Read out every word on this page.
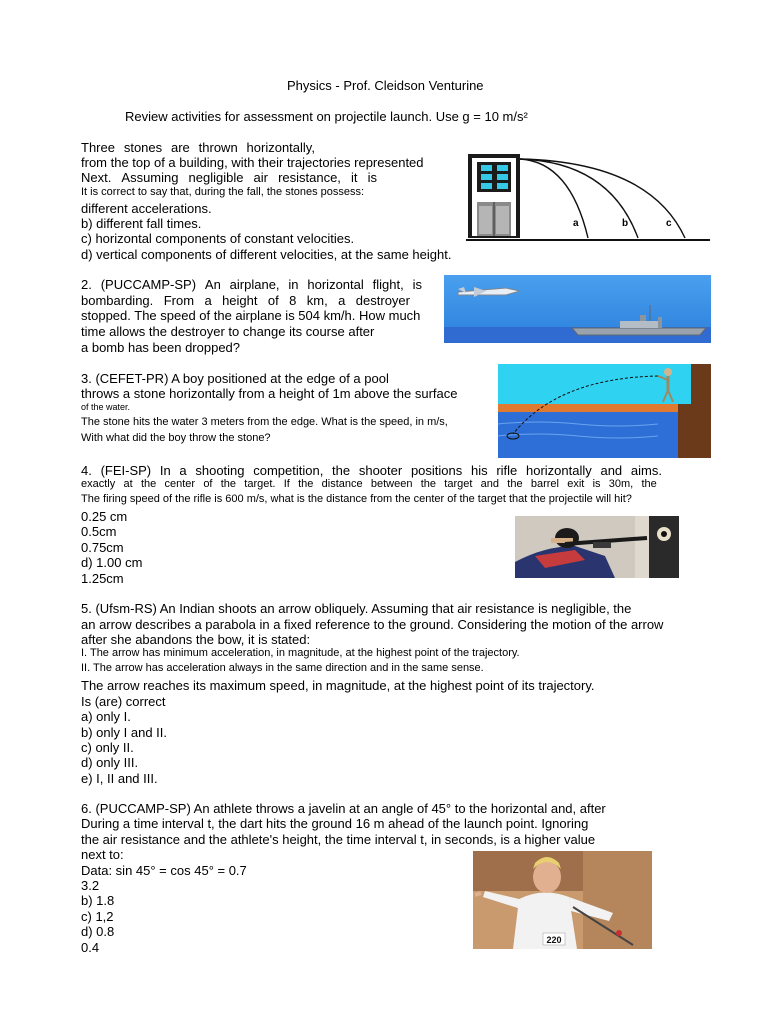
Physics - Prof. Cleidson Venturine
Review activities for assessment on projectile launch. Use g = 10 m/s²
Three stones are thrown horizontally,
from the top of a building, with their trajectories represented
Next. Assuming negligible air resistance, it is
It is correct to say that, during the fall, the stones possess:
different accelerations.
b) different fall times.
c) horizontal components of constant velocities.
d) vertical components of different velocities, at the same height.
a	b	c
2. (PUCCAMP-SP) An airplane, in horizontal flight, is
bombarding. From a height of 8 km, a destroyer
stopped. The speed of the airplane is 504 km/h. How much
time allows the destroyer to change its course after
a bomb has been dropped?
3. (CEFET-PR) A boy positioned at the edge of a pool
throws a stone horizontally from a height of 1m above the surface
of the water.
The stone hits the water 3 meters from the edge. What is the speed, in m/s,
With what did the boy throw the stone?
4. (FEI-SP) In a shooting competition, the shooter positions his rifle horizontally and aims.
exactly at the center of the target. If the distance between the target and the barrel exit is 30m, the
The firing speed of the rifle is 600 m/s, what is the distance from the center of the target that the projectile will hit?
0.25 cm
0.5cm
0.75cm
d) 1.00 cm
1.25cm
5. (Ufsm-RS) An Indian shoots an arrow obliquely. Assuming that air resistance is negligible, the
an arrow describes a parabola in a fixed reference to the ground. Considering the motion of the arrow
after she abandons the bow, it is stated:
I. The arrow has minimum acceleration, in magnitude, at the highest point of the trajectory.
II. The arrow has acceleration always in the same direction and in the same sense.
The arrow reaches its maximum speed, in magnitude, at the highest point of its trajectory.
Is (are) correct
a) only I.
b) only I and II.
c) only II.
d) only III.
e) I, II and III.
6. (PUCCAMP-SP) An athlete throws a javelin at an angle of 45° to the horizontal and, after
During a time interval t, the dart hits the ground 16 m ahead of the launch point. Ignoring
the air resistance and the athlete's height, the time interval t, in seconds, is a higher value
next to:
Data: sin 45° = cos 45° = 0.7
3.2
b) 1.8
c) 1,2
d) 0.8
0.4	220
